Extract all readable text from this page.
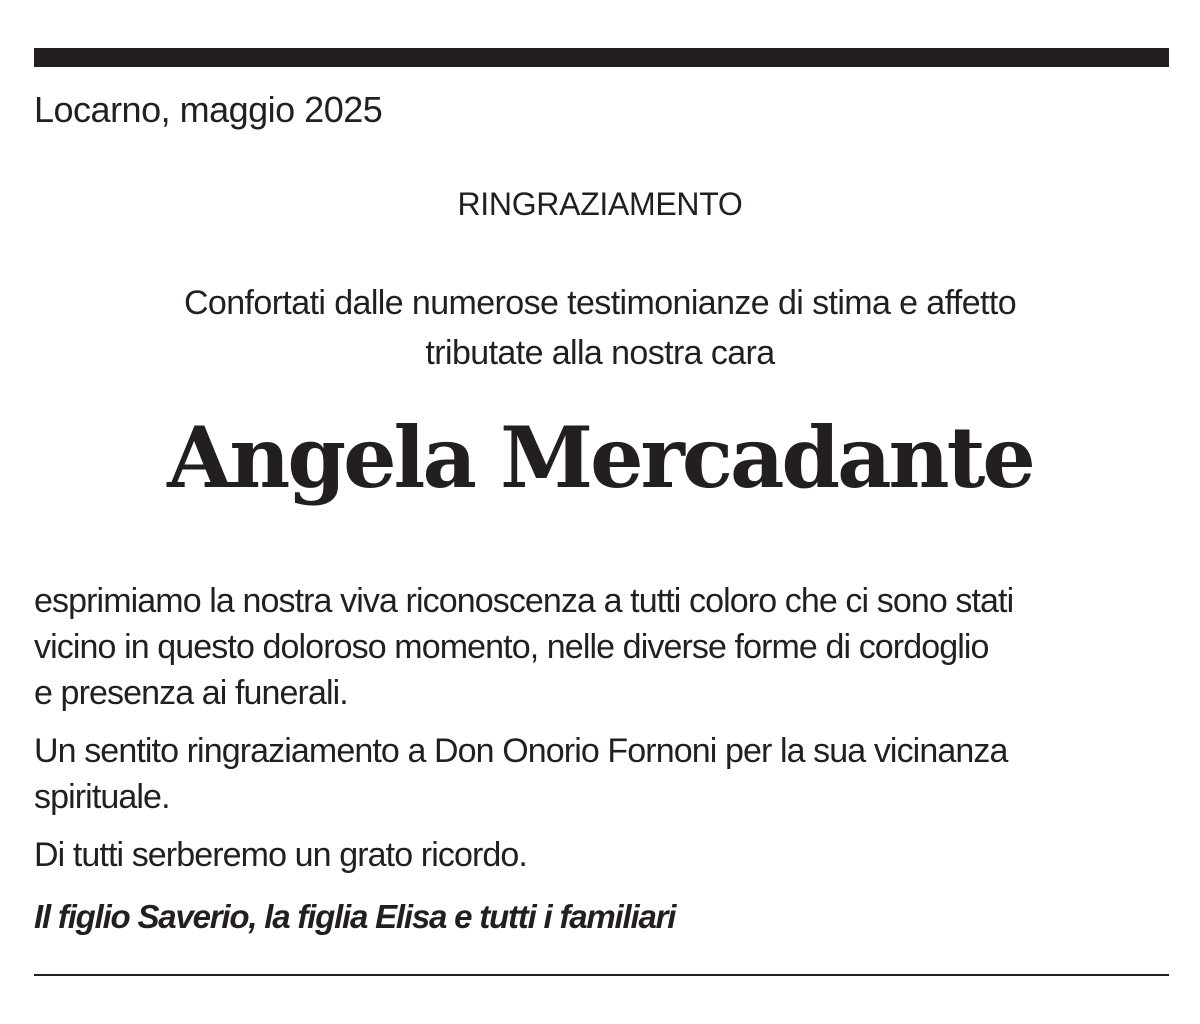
Locarno, maggio 2025
RINGRAZIAMENTO
Confortati dalle numerose testimonianze di stima e affetto
tributate alla nostra cara
Angela Mercadante
esprimiamo la nostra viva riconoscenza a tutti coloro che ci sono stati
vicino in questo doloroso momento, nelle diverse forme di cordoglio
e presenza ai funerali.
Un sentito ringraziamento a Don Onorio Fornoni per la sua vicinanza
spirituale.
Di tutti serberemo un grato ricordo.
Il figlio Saverio, la figlia Elisa e tutti i familiari
